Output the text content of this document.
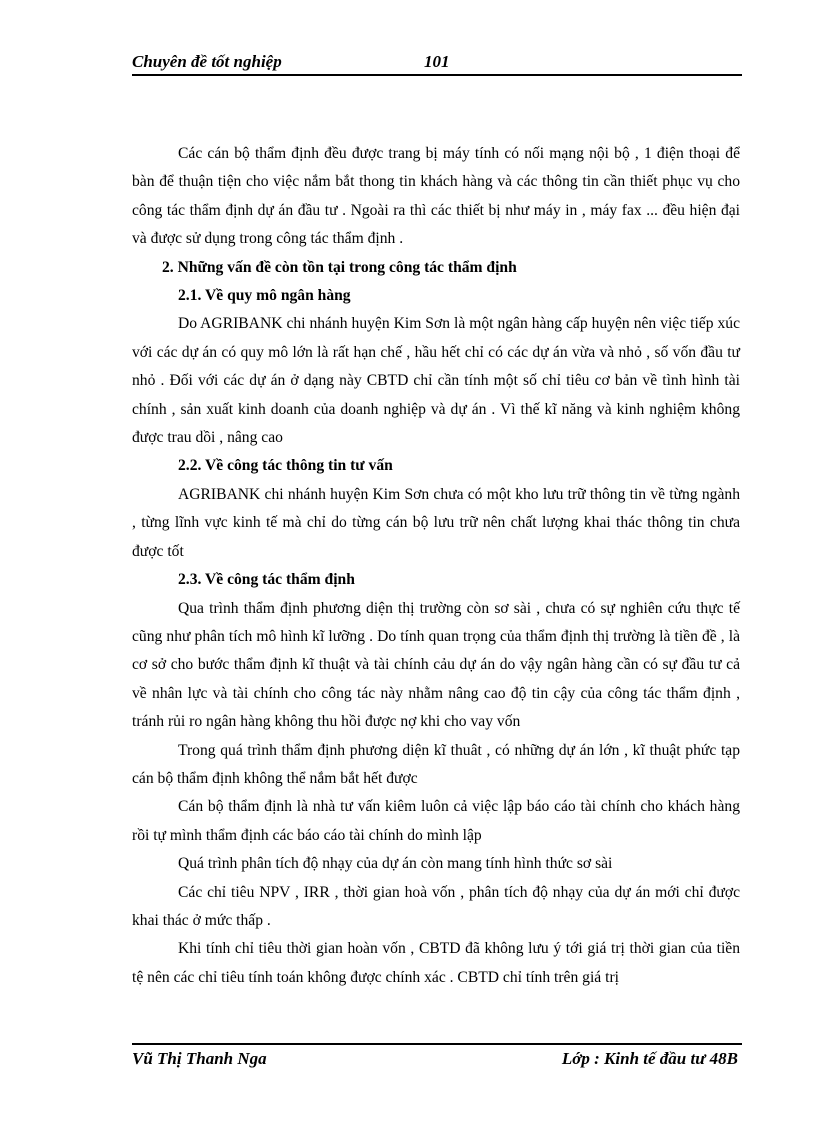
Chuyên đề tốt nghiệp	101

Các cán bộ thẩm định đều được trang bị máy tính có nối mạng nội bộ , 1 điện thoại để bàn để thuận tiện cho việc nắm bắt thong tin khách hàng và các thông tin cần thiết phục vụ cho công tác thẩm định dự án đầu tư . Ngoài ra thì các thiết bị như máy in , máy fax ... đều hiện đại và được sử dụng trong công tác thẩm định .

2. Những vấn đề còn tồn tại trong công tác thẩm định

2.1. Về quy mô ngân hàng

Do AGRIBANK chi nhánh huyện Kim Sơn là một ngân hàng cấp huyện nên việc tiếp xúc với các dự án có quy mô lớn là rất hạn chế , hầu hết chỉ có các dự án vừa và nhỏ , số vốn đầu tư nhỏ . Đối với các dự án ở dạng này CBTD chỉ cần tính một số chỉ tiêu cơ bản về tình hình tài chính , sản xuất kinh doanh của doanh nghiệp và dự án . Vì thế kĩ năng và kinh nghiệm không được trau dồi , nâng cao

2.2. Về công tác thông tin tư vấn

AGRIBANK chi nhánh huyện Kim Sơn chưa có một kho lưu trữ thông tin về từng ngành , từng lĩnh vực kinh tế mà chỉ do từng cán bộ lưu trữ nên chất lượng khai thác thông tin chưa được tốt

2.3. Về công tác thẩm định

Qua trình thẩm định phương diện thị trường còn sơ sài , chưa có sự nghiên cứu thực tế cũng như phân tích mô hình kĩ lưỡng . Do tính quan trọng của thẩm định thị trường là tiền đề , là cơ sở cho bước thẩm định kĩ thuật và tài chính cảu dự án do vậy ngân hàng cần có sự đầu tư cả về nhân lực và tài chính cho công tác này nhằm nâng cao độ tin cậy của công tác thẩm định , tránh rủi ro ngân hàng không thu hồi được nợ khi cho vay vốn

Trong quá trình thẩm định phương diện kĩ thuât , có những dự án lớn , kĩ thuật phức tạp cán bộ thẩm định không thể nắm bắt hết được

Cán bộ thẩm định là nhà tư vấn kiêm luôn cả việc lập báo cáo tài chính cho khách hàng rồi tự mình thẩm định các báo cáo tài chính do mình lập

Quá trình phân tích độ nhạy của dự án còn mang tính hình thức sơ sài

Các chỉ tiêu NPV , IRR , thời gian hoà vốn , phân tích độ nhạy của dự án mới chỉ được khai thác ở mức thấp .

Khi tính chỉ tiêu thời gian hoàn vốn , CBTD đã không lưu ý tới giá trị thời gian của tiền tệ nên các chỉ tiêu tính toán không được chính xác . CBTD chỉ tính trên giá trị

Vũ Thị Thanh Nga	Lớp : Kinh tế đầu tư 48B
